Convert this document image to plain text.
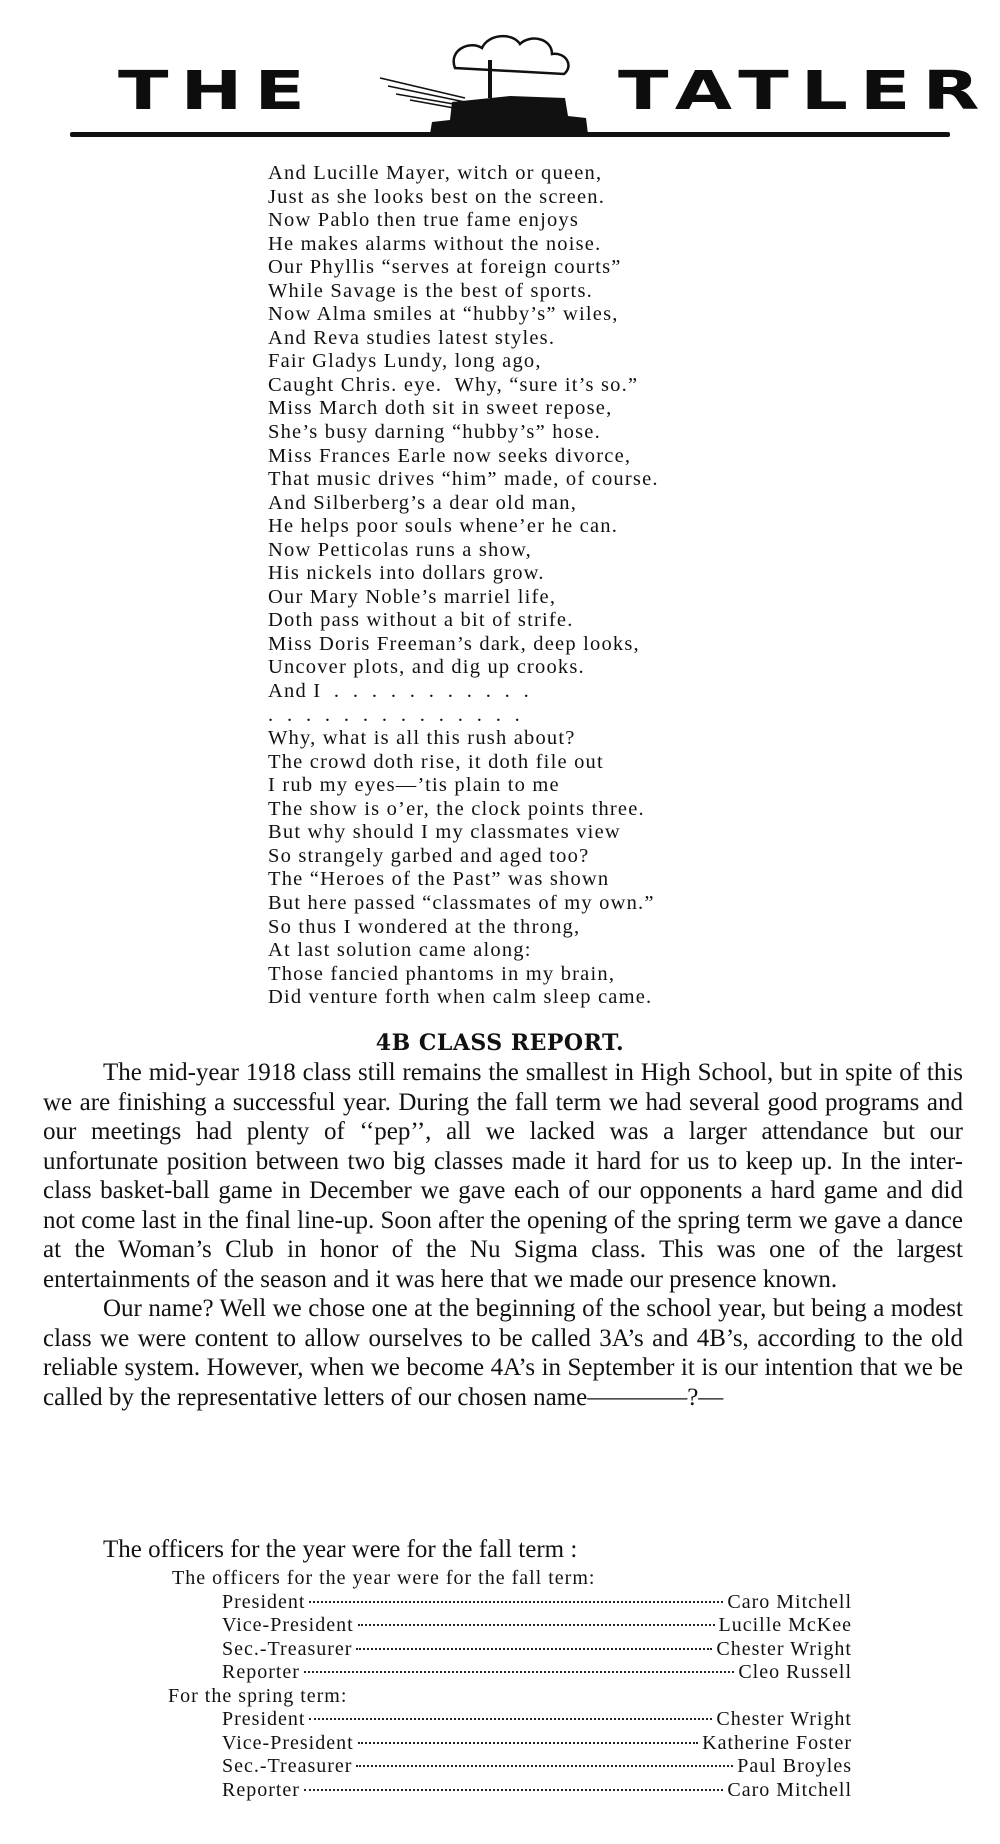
THE	TATLER
And Lucille Mayer, witch or queen,
Just as she looks best on the screen.
Now Pablo then true fame enjoys
He makes alarms without the noise.
Our Phyllis “serves at foreign courts”
While Savage is the best of sports.
Now Alma smiles at “hubby’s” wiles,
And Reva studies latest styles.
Fair Gladys Lundy, long ago,
Caught Chris. eye.  Why, “sure it’s so.”
Miss March doth sit in sweet repose,
She’s busy darning “hubby’s” hose.
Miss Frances Earle now seeks divorce,
That music drives “him” made, of course.
And Silberberg’s a dear old man,
He helps poor souls whene’er he can.
Now Petticolas runs a show,
His nickels into dollars grow.
Our Mary Noble’s marriel life,
Doth pass without a bit of strife.
Miss Doris Freeman’s dark, deep looks,
Uncover plots, and dig up crooks.
And I  .  .  .  .  .  .  .  .  .  .  .
.  .  .  .  .  .  .  .  .  .  .  .  .  .
Why, what is all this rush about?
The crowd doth rise, it doth file out
I rub my eyes—’tis plain to me
The show is o’er, the clock points three.
But why should I my classmates view
So strangely garbed and aged too?
The “Heroes of the Past” was shown
But here passed “classmates of my own.”
So thus I wondered at the throng,
At last solution came along:
Those fancied phantoms in my brain,
Did venture forth when calm sleep came.
4B CLASS REPORT.

The mid-year 1918 class still remains the smallest in High School, but in spite of this we are finishing a successful year. During the fall term we had several good programs and our meetings had plenty of ‘‘pep’’, all we lacked was a larger attendance but our unfortunate position between two big classes made it hard for us to keep up. In the inter-class basket-ball game in December we gave each of our opponents a hard game and did not come last in the final line-up. Soon after the opening of the spring term we gave a dance at the Woman’s Club in honor of the Nu Sigma class. This was one of the largest entertainments of the season and it was here that we made our presence known.

Our name? Well we chose one at the beginning of the school year, but being a modest class we were content to allow ourselves to be called 3A’s and 4B’s, according to the old reliable system. However, when we become 4A’s in September it is our intention that we be called by the representative letters of our chosen name————?—

The officers for the year were for the fall term :
The officers for the year were for the fall term:
President	Caro Mitchell
Vice-President	Lucille McKee
Sec.-Treasurer	Chester Wright
Reporter	Cleo Russell
For the spring term:
President	Chester Wright
Vice-President	Katherine Foster
Sec.-Treasurer	Paul Broyles
Reporter	Caro Mitchell
